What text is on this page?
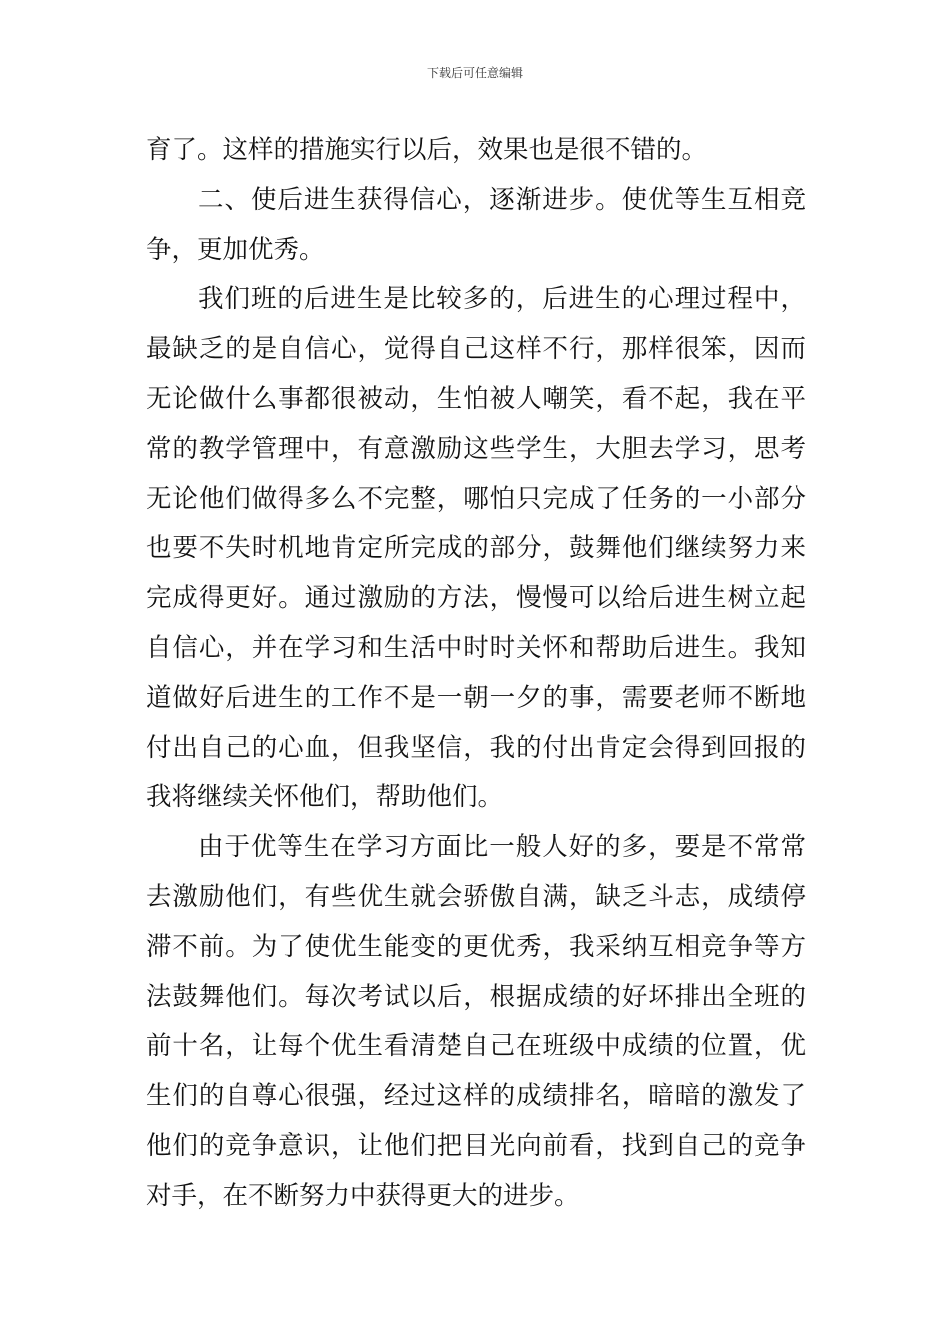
下载后可任意编辑
育了。这样的措施实行以后，效果也是很不错的。
二、使后进生获得信心，逐渐进步。使优等生互相竞
争，更加优秀。
我们班的后进生是比较多的，后进生的心理过程中，
最缺乏的是自信心，觉得自己这样不行，那样很笨，因而
无论做什么事都很被动，生怕被人嘲笑，看不起，我在平
常的教学管理中，有意激励这些学生，大胆去学习，思考
无论他们做得多么不完整，哪怕只完成了任务的一小部分
也要不失时机地肯定所完成的部分，鼓舞他们继续努力来
完成得更好。通过激励的方法，慢慢可以给后进生树立起
自信心，并在学习和生活中时时关怀和帮助后进生。我知
道做好后进生的工作不是一朝一夕的事，需要老师不断地
付出自己的心血，但我坚信，我的付出肯定会得到回报的
我将继续关怀他们，帮助他们。
由于优等生在学习方面比一般人好的多，要是不常常
去激励他们，有些优生就会骄傲自满，缺乏斗志，成绩停
滞不前。为了使优生能变的更优秀，我采纳互相竞争等方
法鼓舞他们。每次考试以后，根据成绩的好坏排出全班的
前十名，让每个优生看清楚自己在班级中成绩的位置，优
生们的自尊心很强，经过这样的成绩排名，暗暗的激发了
他们的竞争意识，让他们把目光向前看，找到自己的竞争
对手，在不断努力中获得更大的进步。
